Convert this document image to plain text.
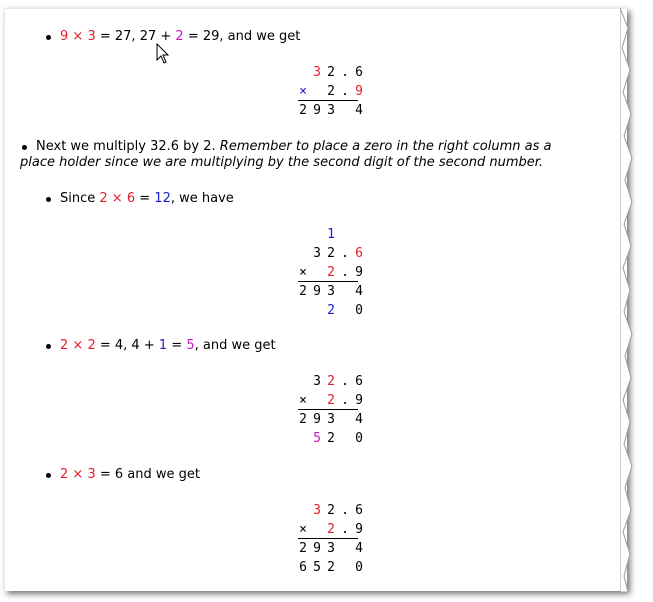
9 × 3 = 27, 27 + 2 = 29, and we get
3 2 . 6
× 2 . 9
2 9 3 4
Next we multiply 32.6 by 2. Remember to place a zero in the right column as a
place holder since we are multiplying by the second digit of the second number.
Since 2 × 6 = 12, we have
1
3 2 . 6
× 2 . 9
2 9 3 4
2 0
2 × 2 = 4, 4 + 1 = 5, and we get
3 2 . 6
× 2 . 9
2 9 3 4
5 2 0
2 × 3 = 6 and we get
3 2 . 6
× 2 . 9
2 9 3 4
6 5 2 0
